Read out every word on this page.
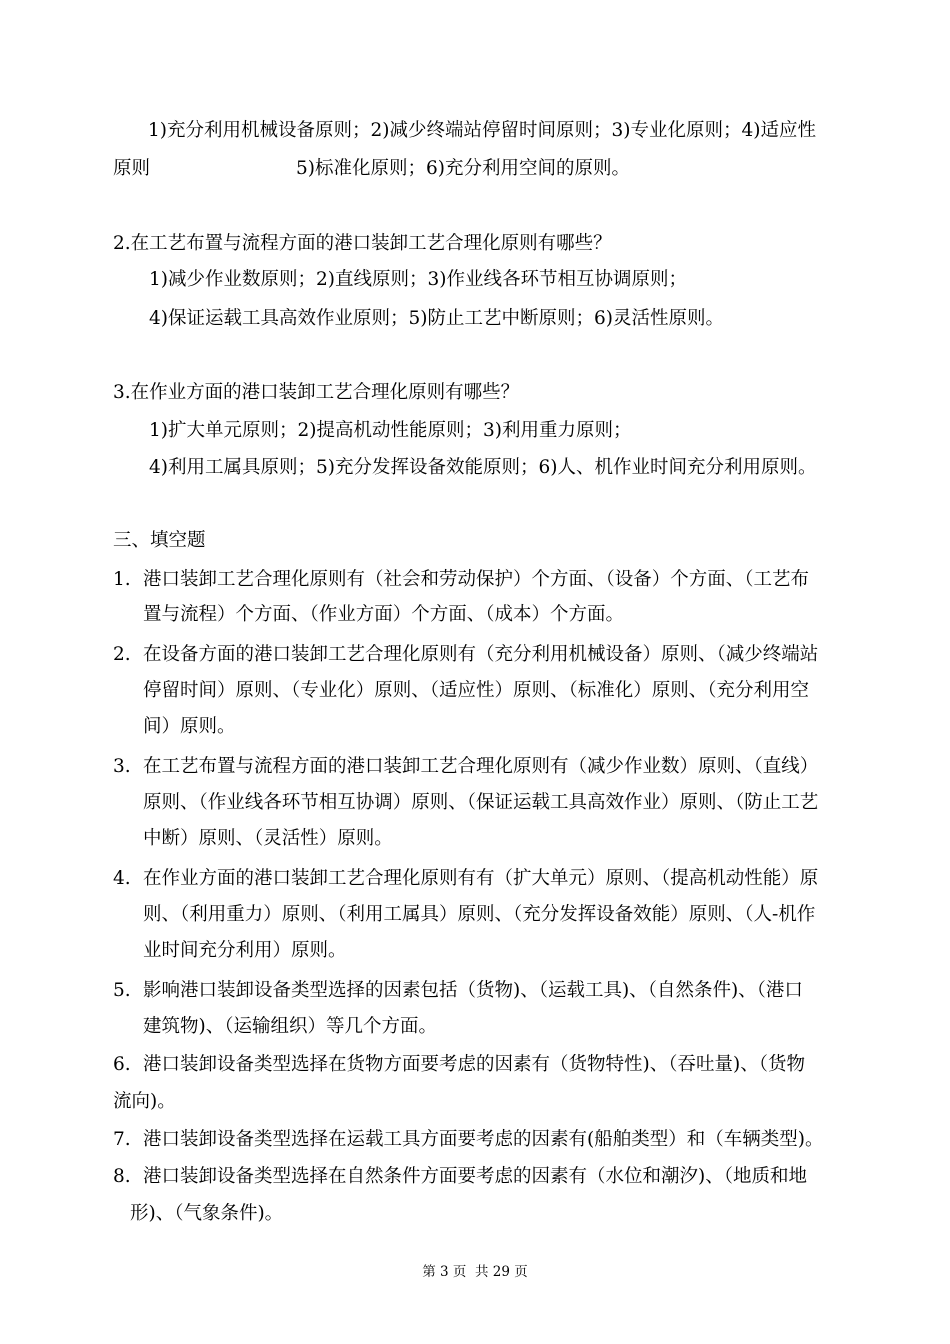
1)充分利用机械设备原则；2)减少终端站停留时间原则；3)专业化原则；4)适应性
原则	5)标准化原则；6)充分利用空间的原则。
2.在工艺布置与流程方面的港口装卸工艺合理化原则有哪些？
1)减少作业数原则；2)直线原则；3)作业线各环节相互协调原则；
4)保证运载工具高效作业原则；5)防止工艺中断原则；6)灵活性原则。
3.在作业方面的港口装卸工艺合理化原则有哪些？
1)扩大单元原则；2)提高机动性能原则；3)利用重力原则；
4)利用工属具原则；5)充分发挥设备效能原则；6)人、机作业时间充分利用原则。
三、填空题
1. 港口装卸工艺合理化原则有（社会和劳动保护）个方面、（设备）个方面、（工艺布
置与流程）个方面、（作业方面）个方面、（成本）个方面。
2. 在设备方面的港口装卸工艺合理化原则有（充分利用机械设备）原则、（减少终端站
停留时间）原则、（专业化）原则、（适应性）原则、（标准化）原则、（充分利用空
间）原则。
3. 在工艺布置与流程方面的港口装卸工艺合理化原则有（减少作业数）原则、（直线）
原则、（作业线各环节相互协调）原则、（保证运载工具高效作业）原则、（防止工艺
中断）原则、（灵活性）原则。
4. 在作业方面的港口装卸工艺合理化原则有有（扩大单元）原则、（提高机动性能）原
则、（利用重力）原则、（利用工属具）原则、（充分发挥设备效能）原则、（人-机作
业时间充分利用）原则。
5. 影响港口装卸设备类型选择的因素包括（货物)、（运载工具)、（自然条件)、（港口
建筑物)、（运输组织）等几个方面。
6. 港口装卸设备类型选择在货物方面要考虑的因素有（货物特性)、（吞吐量)、（货物
流向)。
7. 港口装卸设备类型选择在运载工具方面要考虑的因素有(船舶类型）和（车辆类型)。
8. 港口装卸设备类型选择在自然条件方面要考虑的因素有（水位和潮汐)、（地质和地
形)、（气象条件)。
第 3 页  共 29 页
